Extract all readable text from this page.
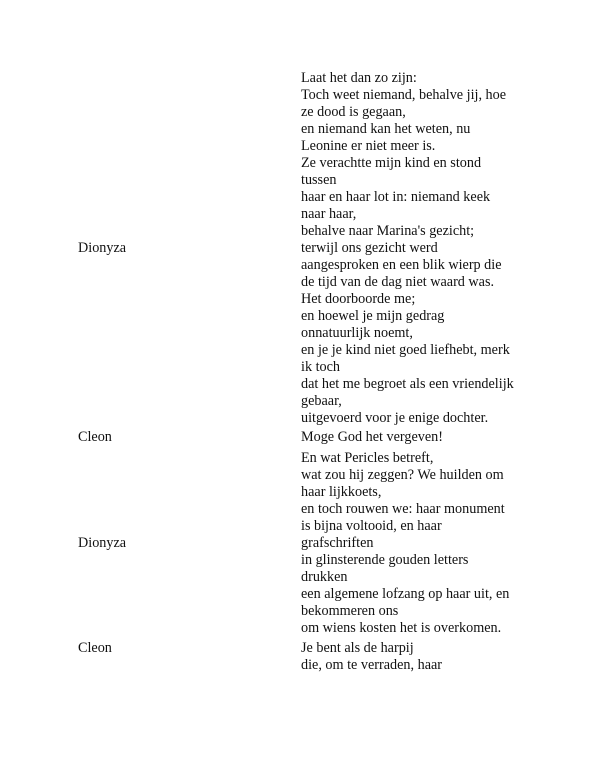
Dionyza
Laat het dan zo zijn:
Toch weet niemand, behalve jij, hoe
ze dood is gegaan,
en niemand kan het weten, nu
Leonine er niet meer is.
Ze verachtte mijn kind en stond
tussen
haar en haar lot in: niemand keek
naar haar,
behalve naar Marina's gezicht;
terwijl ons gezicht werd
aangesproken en een blik wierp die
de tijd van de dag niet waard was.
Het doorboorde me;
en hoewel je mijn gedrag
onnatuurlijk noemt,
en je je kind niet goed liefhebt, merk
ik toch
dat het me begroet als een vriendelijk
gebaar,
uitgevoerd voor je enige dochter.
Cleon	Moge God het vergeven!
Dionyza
En wat Pericles betreft,
wat zou hij zeggen? We huilden om
haar lijkkoets,
en toch rouwen we: haar monument
is bijna voltooid, en haar
grafschriften
in glinsterende gouden letters
drukken
een algemene lofzang op haar uit, en
bekommeren ons
om wiens kosten het is overkomen.
Cleon	Je bent als de harpij
die, om te verraden, haar
